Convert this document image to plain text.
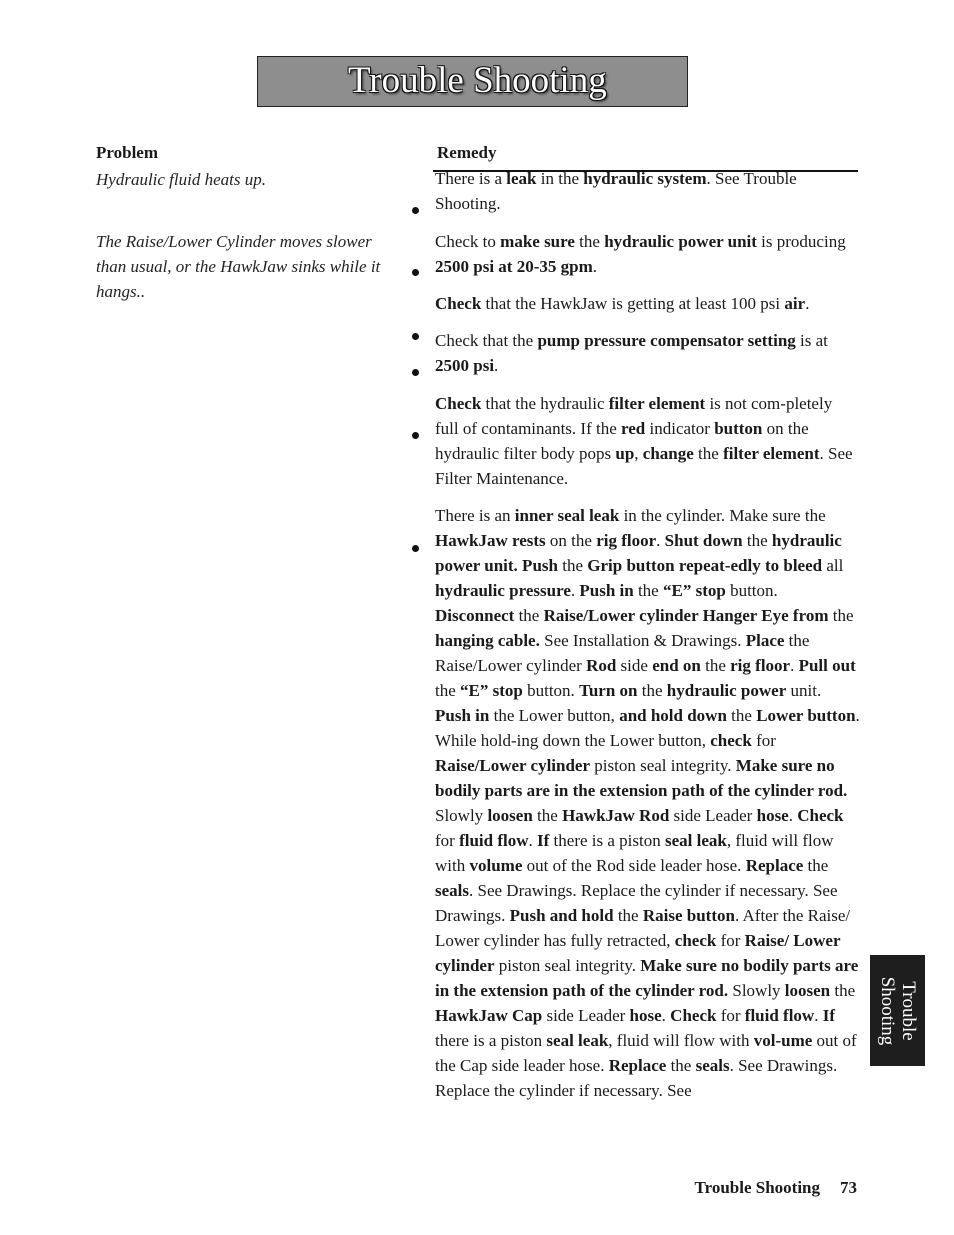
Trouble Shooting
Problem	Remedy
Hydraulic fluid heats up.
The Raise/Lower Cylinder moves slower than usual, or the HawkJaw sinks while it hangs..
There is a leak in the hydraulic system. See Trouble Shooting.
Check to make sure the hydraulic power unit is producing 2500 psi at 20-35 gpm.
Check that the HawkJaw is getting at least 100 psi air.
Check that the pump pressure compensator setting is at 2500 psi.
Check that the hydraulic filter element is not com-pletely full of contaminants. If the red indicator button on the hydraulic filter body pops up, change the filter element. See Filter Maintenance.
There is an inner seal leak in the cylinder. Make sure the HawkJaw rests on the rig floor. Shut down the hydraulic power unit. Push the Grip button repeat-edly to bleed all hydraulic pressure. Push in the “E” stop button. Disconnect the Raise/Lower cylinder Hanger Eye from the hanging cable. See Installation & Drawings. Place the Raise/Lower cylinder Rod side end on the rig floor. Pull out the “E” stop button. Turn on the hydraulic power unit. Push in the Lower button, and hold down the Lower button. While hold-ing down the Lower button, check for Raise/Lower cylinder piston seal integrity. Make sure no bodily parts are in the extension path of the cylinder rod. Slowly loosen the HawkJaw Rod side Leader hose. Check for fluid flow. If there is a piston seal leak, fluid will flow with volume out of the Rod side leader hose. Replace the seals. See Drawings. Replace the cylinder if necessary. See Drawings. Push and hold the Raise button. After the Raise/ Lower cylinder has fully retracted, check for Raise/ Lower cylinder piston seal integrity. Make sure no bodily parts are in the extension path of the cylinder rod. Slowly loosen the HawkJaw Cap side Leader hose. Check for fluid flow. If there is a piston seal leak, fluid will flow with vol-ume out of the Cap side leader hose. Replace the seals. See Drawings. Replace the cylinder if necessary. See
Trouble
Shooting
Trouble Shooting 73
